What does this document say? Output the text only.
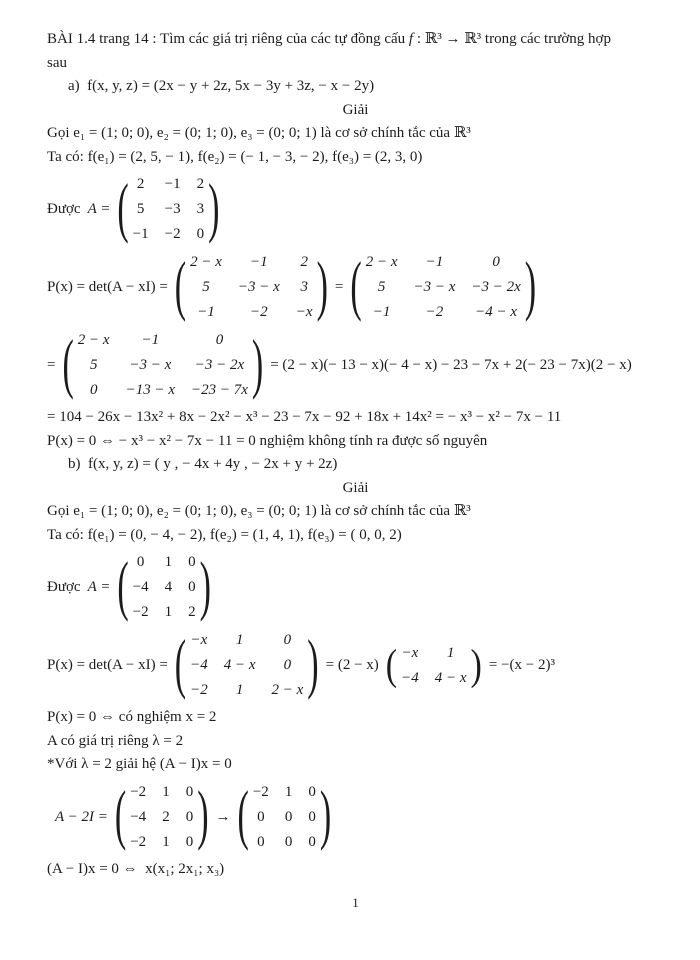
BÀI 1.4 trang 14 : Tìm các giá trị riêng của các tự đồng cấu f : ℝ³ → ℝ³ trong các trường hợp

sau

a) f(x, y, z) = (2x − y + 2z, 5x − 3y + 3z, − x − 2y)

Giải

Gọi e₁ = (1; 0; 0), e₂ = (0; 1; 0), e₃ = (0; 0; 1) là cơ sở chính tắc của ℝ³

Ta có: f(e₁) = (2, 5, − 1), f(e₂) = (− 1, − 3, − 2), f(e₃) = (2, 3, 0)

Được A = ( 2 −1 2
5 −3 3
−1 −2 0 )
P(x) = det(A − xI) = ( 2 − x −1 2
5 −3 − x 3
−1 −2 −x ) = ( 2 − x −1	0
5 −3 − x −3 − 2x
−1 −2 −4 − x )
= ( 2 − x −1	0
5 −3 − x −3 − 2x
0 −13 − x −23 − 7x ) = (2 − x)(− 13 − x)(− 4 − x) − 23 − 7x + 2(− 23 − 7x)(2 − x)

= 104 − 26x − 13x² + 8x − 2x² − x³ − 23 − 7x − 92 + 18x + 14x² = − x³ − x² − 7x − 11

P(x) = 0 ⇔ − x³ − x² − 7x − 11 = 0 nghiệm không tính ra được số nguyên

b) f(x, y, z) = ( y , − 4x + 4y , − 2x + y + 2z)

Giải

Gọi e₁ = (1; 0; 0), e₂ = (0; 1; 0), e₃ = (0; 0; 1) là cơ sở chính tắc của ℝ³

Ta có: f(e₁) = (0, − 4, − 2), f(e₂) = (1, 4, 1), f(e₃) = ( 0, 0, 2)

Được A = ( 0 1 0
−4 4 0
−2 1 2 )
P(x) = det(A − xI) = ( −x 1	0
−4 4 − x 0
−2 1 2 − x ) = (2 − x) ( −x 1
−4 4 − x ) = −(x − 2)³

P(x) = 0 ⇔ có nghiệm x = 2

A có giá trị riêng λ = 2

*Với λ = 2 giải hệ (A − I)x = 0

A − 2I = ( −2 1 0
−4 2 0
−2 1 0 ) → ( −2 1 0
0 0 0
0 0 0 )

(A − I)x = 0 ⇔  x(x₁; 2x₁; x₃)

1
